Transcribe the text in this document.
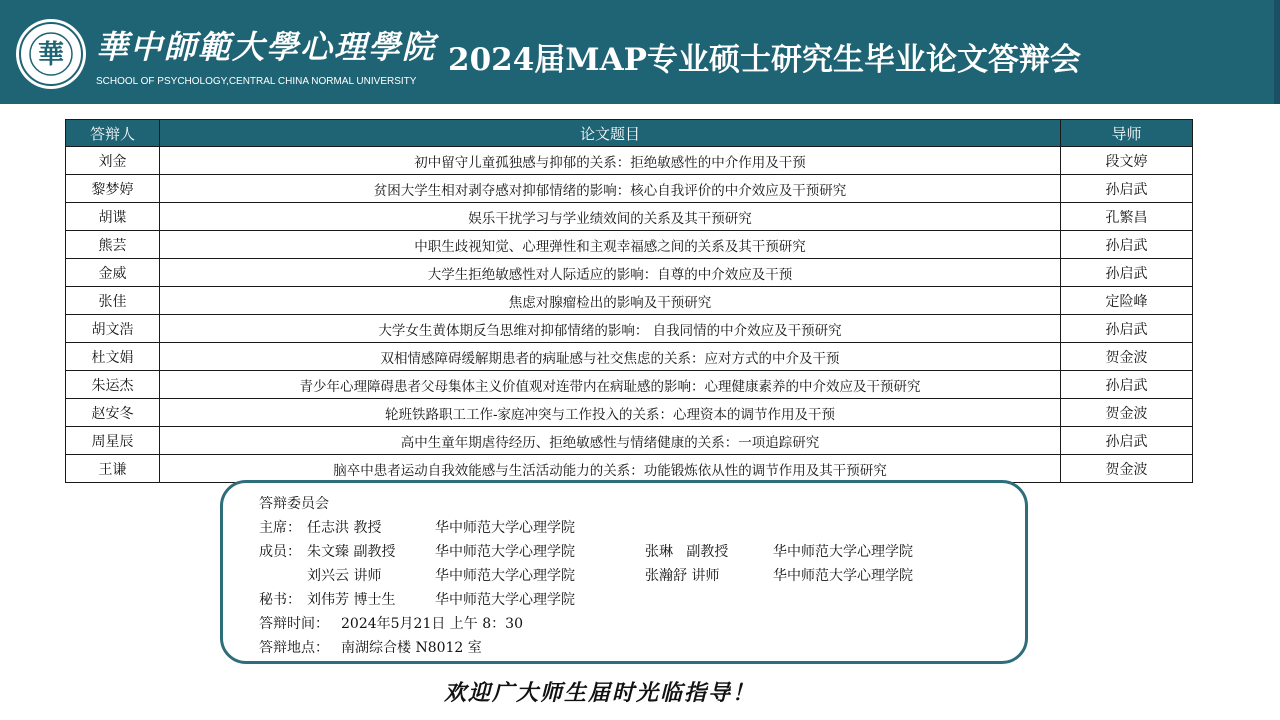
華 華中師範大學心理學院
SCHOOL OF PSYCHOLOGY,CENTRAL CHINA NORMAL UNIVERSITY
2024届MAP专业硕士研究生毕业论文答辩会
答辩人	论文题目	导师
刘金	初中留守儿童孤独感与抑郁的关系：拒绝敏感性的中介作用及干预	段文婷
黎梦婷	贫困大学生相对剥夺感对抑郁情绪的影响：核心自我评价的中介效应及干预研究	孙启武
胡谍	娱乐干扰学习与学业绩效间的关系及其干预研究	孔繁昌
熊芸	中职生歧视知觉、心理弹性和主观幸福感之间的关系及其干预研究	孙启武
金威	大学生拒绝敏感性对人际适应的影响：自尊的中介效应及干预	孙启武
张佳	焦虑对腺瘤检出的影响及干预研究	定险峰
胡文浩	大学女生黄体期反刍思维对抑郁情绪的影响： 自我同情的中介效应及干预研究	孙启武
杜文娟	双相情感障碍缓解期患者的病耻感与社交焦虑的关系：应对方式的中介及干预	贺金波
朱运杰	青少年心理障碍患者父母集体主义价值观对连带内在病耻感的影响：心理健康素养的中介效应及干预研究	孙启武
赵安冬	轮班铁路职工工作-家庭冲突与工作投入的关系：心理资本的调节作用及干预	贺金波
周星辰	高中生童年期虐待经历、拒绝敏感性与情绪健康的关系：一项追踪研究	孙启武
王谦	脑卒中患者运动自我效能感与生活活动能力的关系：功能锻炼依从性的调节作用及其干预研究	贺金波
答辩委员会
主席： 任志洪 教授	华中师范大学心理学院
成员： 朱文臻 副教授	华中师范大学心理学院	张琳   副教授	华中师范大学心理学院
刘兴云 讲师	华中师范大学心理学院	张瀚舒 讲师	华中师范大学心理学院
秘书： 刘伟芳 博士生	华中师范大学心理学院
答辩时间： 2024年5月21日 上午 8：30
答辩地点： 南湖综合楼 N8012 室
欢迎广大师生届时光临指导！
